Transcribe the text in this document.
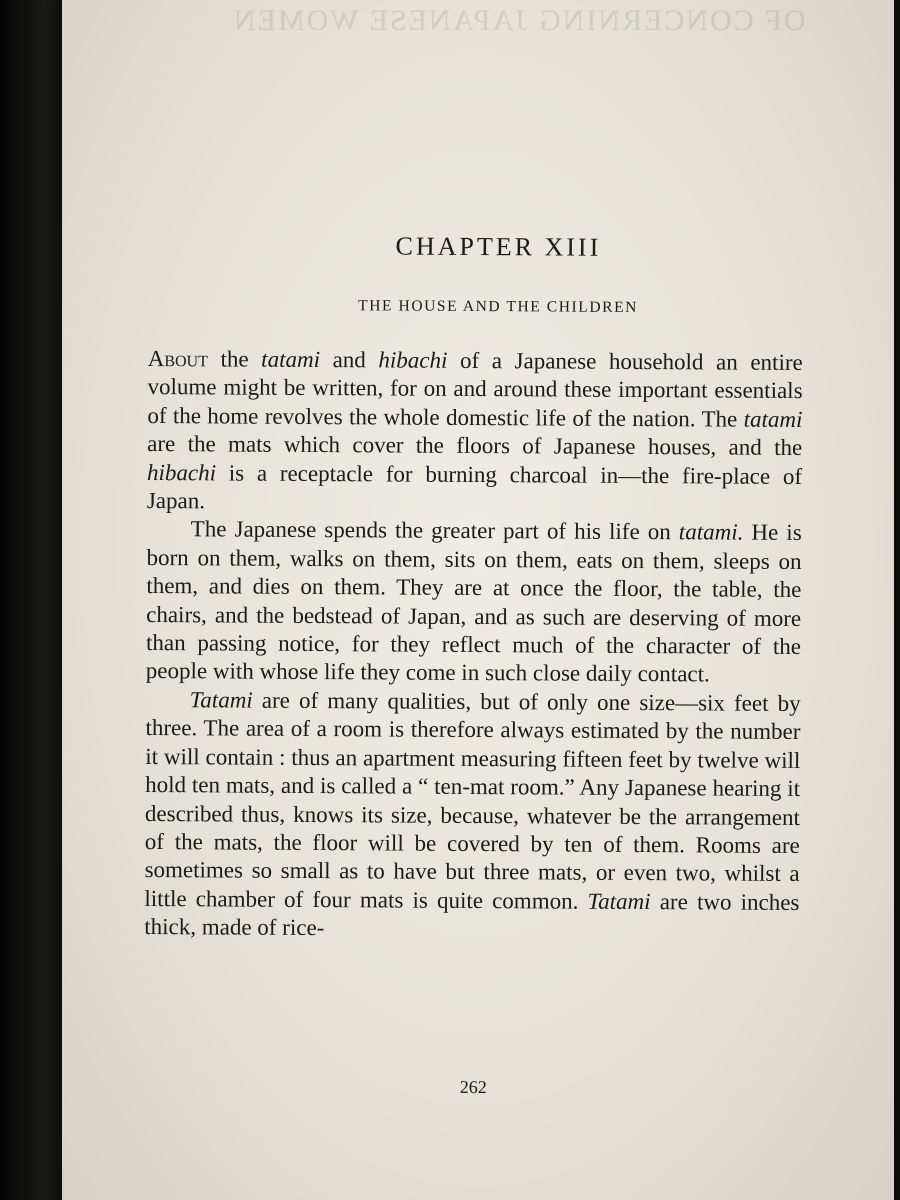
OF CONCERNING JAPANESE WOMEN
CHAPTER XIII
THE HOUSE AND THE CHILDREN

About the tatami and hibachi of a Japanese household an entire volume might be written, for on and around these important essentials of the home revolves the whole domestic life of the nation. The tatami are the mats which cover the floors of Japanese houses, and the hibachi is a receptacle for burning charcoal in—the fire-place of Japan.

The Japanese spends the greater part of his life on tatami. He is born on them, walks on them, sits on them, eats on them, sleeps on them, and dies on them. They are at once the floor, the table, the chairs, and the bedstead of Japan, and as such are deserving of more than passing notice, for they reflect much of the character of the people with whose life they come in such close daily contact.

Tatami are of many qualities, but of only one size—six feet by three. The area of a room is therefore always estimated by the number it will contain : thus an apartment measuring fifteen feet by twelve will hold ten mats, and is called a “ ten-mat room.” Any Japanese hearing it described thus, knows its size, because, whatever be the arrangement of the mats, the floor will be covered by ten of them. Rooms are sometimes so small as to have but three mats, or even two, whilst a little chamber of four mats is quite common. Tatami are two inches thick, made of rice-

262
